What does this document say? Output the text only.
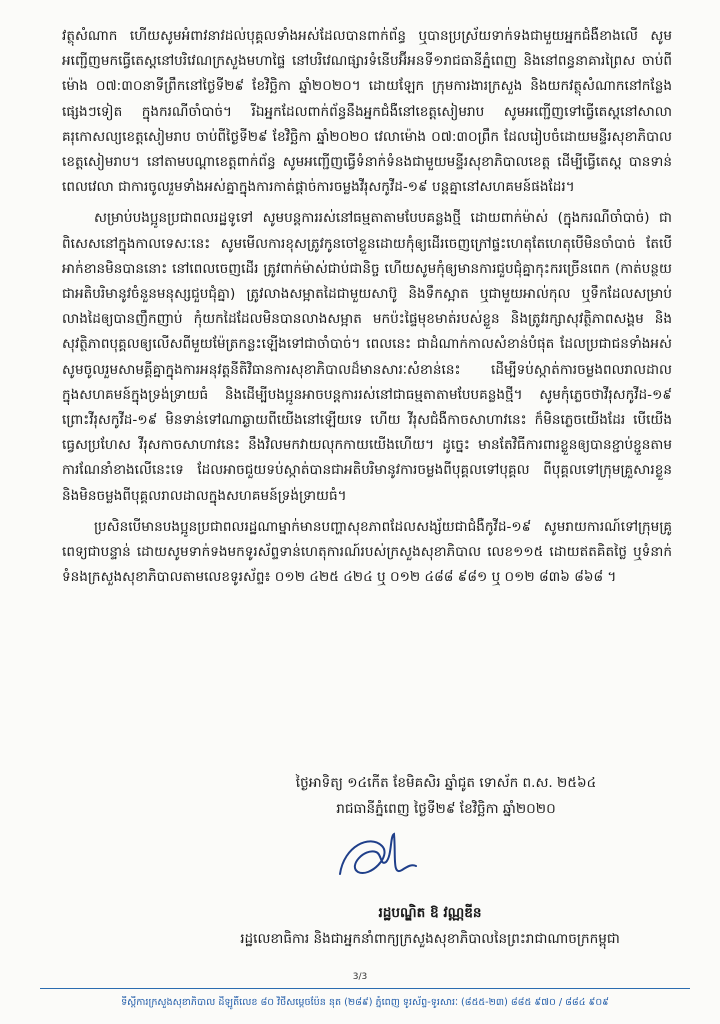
វត្ថុសំណាក ហើយសូមអំពាវនាវដល់បុគ្គលទាំងអស់ដែលបានពាក់ព័ន្ធ ឬបានប្រស្រ័យទាក់ទងជាមួយអ្នកជំងឺខាងលើ សូមអញ្ជើញមកធ្វើតេស្តនៅបរិវេណក្រសួងមហាផ្ទៃ នៅបរិវេណផ្សារទំនើបអ៊ីអនទី១រាជធានីភ្នំពេញ និងនៅពន្ធនាគារព្រៃស ចាប់ពីម៉ោង ០៧:៣០នាទីព្រឹកនៅថ្ងៃទី២៩ ខែវិច្ឆិកា ឆ្នាំ២០២០។ ដោយឡែក ក្រុមការងារក្រសួង និងយកវត្ថុសំណាកនៅកន្លែងផ្សេងៗទៀត ក្នុងករណីចាំបាច់។ រីឯអ្នកដែលពាក់ព័ន្ធនឹងអ្នកជំងឺនៅខេត្តសៀមរាប សូមអញ្ជើញទៅធ្វើតេស្តនៅសាលាគរុកោសល្យខេត្តសៀមរាប ចាប់ពីថ្ងៃទី២៩ ខែវិច្ឆិកា ឆ្នាំ២០២០ វេលាម៉ោង ០៧:៣០ព្រឹក ដែលរៀបចំដោយមន្ទីរសុខាភិបាលខេត្តសៀមរាប។ នៅតាមបណ្ដាខេត្តពាក់ព័ន្ធ សូមអញ្ជើញធ្វើទំនាក់ទំនងជាមួយមន្ទីរសុខាភិបាលខេត្ត ដើម្បីធ្វើតេស្ត បានទាន់ពេលវេលា ជាការចូលរួមទាំងអស់គ្នាក្នុងការកាត់ផ្ដាច់ការចម្លងវីរុសកូវីដ-១៩ បន្តគ្នានៅសហគមន៍ផងដែរ។

សម្រាប់បងប្អូនប្រជាពលរដ្ឋទូទៅ សូមបន្តការរស់នៅធម្មតាតាមបែបគន្លងថ្មី ដោយពាក់ម៉ាស់ (ក្នុងករណីចាំបាច់) ជាពិសេសនៅក្នុងកាលទេសៈនេះ សូមមើលការខុសត្រូវកូនចៅខ្លួនដោយកុំឲ្យដើរចេញក្រៅផ្ទះហេតុតែហេតុបើមិនចាំបាច់ តែបើអាក់ខានមិនបាននោះ នៅពេលចេញដើរ ត្រូវពាក់ម៉ាស់ជាប់ជានិច្ច ហើយសូមកុំឲ្យមានការជួបជុំគ្នាកុះករច្រើនពេក (កាត់បន្ថយជាអតិបរិមានូវចំនួនមនុស្សជួបជុំគ្នា) ត្រូវលាងសម្អាតដៃជាមួយសាប៊ូ និងទឹកស្អាត ឬជាមួយអាល់កុល ឬទឹកដែលសម្រាប់លាងដៃឲ្យបានញឹកញាប់ កុំយកដៃដែលមិនបានលាងសម្អាត មកប៉ះផ្ទៃមុខមាត់របស់ខ្លួន និងត្រូវរក្សាសុវត្ថិភាពសង្គម និងសុវត្ថិភាពបុគ្គលឲ្យលើសពីមួយម៉ែត្រកន្លះឡើងទៅជាចាំបាច់។ ពេលនេះ ជាដំណាក់កាលសំខាន់បំផុត ដែលប្រជាជនទាំងអស់ សូមចូលរួមសាមគ្គីគ្នាក្នុងការអនុវត្តនីតិវិធានការសុខាភិបាលដ៏មានសារៈសំខាន់នេះ ដើម្បីទប់ស្កាត់ការចម្លងពលរាលដាលក្នុងសហគមន៍ក្នុងទ្រង់ទ្រាយធំ និងដើម្បីបងប្អូនអាចបន្តការរស់នៅជាធម្មតាតាមបែបគន្លងថ្មី។ សូមកុំភ្លេចថាវីរុសកូវីដ-១៩ ព្រោះវីរុសកូវីដ-១៩ មិនទាន់ទៅណាឆ្ងាយពីយើងនៅឡើយទេ ហើយ វីរុសជំងឺកាចសាហាវនេះ ក៏មិនភ្លេចយើងដែរ បើយើងធ្វេសប្រហែស វីរុសកាចសាហាវនេះ នឹងវិលមកវាយលុកកាយយើងហើយ។ ដូច្នេះ មានតែវិធីការពារខ្លួនឲ្យបានខ្ជាប់ខ្ជួនតាមការណែនាំខាងលើនេះទេ ដែលអាចជួយទប់ស្កាត់បានជាអតិបរិមានូវការចម្លងពីបុគ្គលទៅបុគ្គល ពីបុគ្គលទៅក្រុមគ្រួសារខ្លួន និងមិនចម្លងពីបុគ្គលរាលដាលក្នុងសហគមន៍ទ្រង់ទ្រាយធំ។

ប្រសិនបើមានបងប្អូនប្រជាពលរដ្ឋណាម្នាក់មានបញ្ហាសុខភាពដែលសង្ស័យជាជំងឺកូវីដ-១៩ សូមរាយការណ៍ទៅក្រុមគ្រូពេទ្យជាបន្ទាន់ ដោយសូមទាក់ទងមកទូរស័ព្ទទាន់ហេតុការណ៍របស់ក្រសួងសុខាភិបាល លេខ១១៥ ដោយឥតគិតថ្លៃ ឬទំនាក់ទំនងក្រសួងសុខាភិបាលតាមលេខទូរស័ព្ទ៖ ០១២ ៤២៥ ៤២៤ ឬ ០១២ ៤៨៨ ៩៨១ ឬ ០១២ ៨៣៦ ៨៦៨ ។

ថ្ងៃអាទិត្យ ១៤កើត ខែមិគសិរ ឆ្នាំជូត ទោស័ក ព.ស. ២៥៦៤
រាជធានីភ្នំពេញ ថ្ងៃទី២៩ ខែវិច្ឆិកា ឆ្នាំ២០២០
រដ្ឋបណ្ឌិត ឱ វណ្ណឌីន
រដ្ឋលេខាធិការ និងជាអ្នកនាំពាក្យក្រសួងសុខាភិបាលនៃព្រះរាជាណាចក្រកម្ពុជា
3/3
ទីស្តីការក្រសួងសុខាភិបាល ដីឡូតិ៍លេខ ៨០ វិថីសម្តេចប៉ែន នុត (២៨៩) ភ្នំពេញ ទូរស័ព្ទ-ទូរសារៈ (៨៥៥-២៣) ៨៨៥ ៩៧០ / ៨៨៤ ៩០៩
